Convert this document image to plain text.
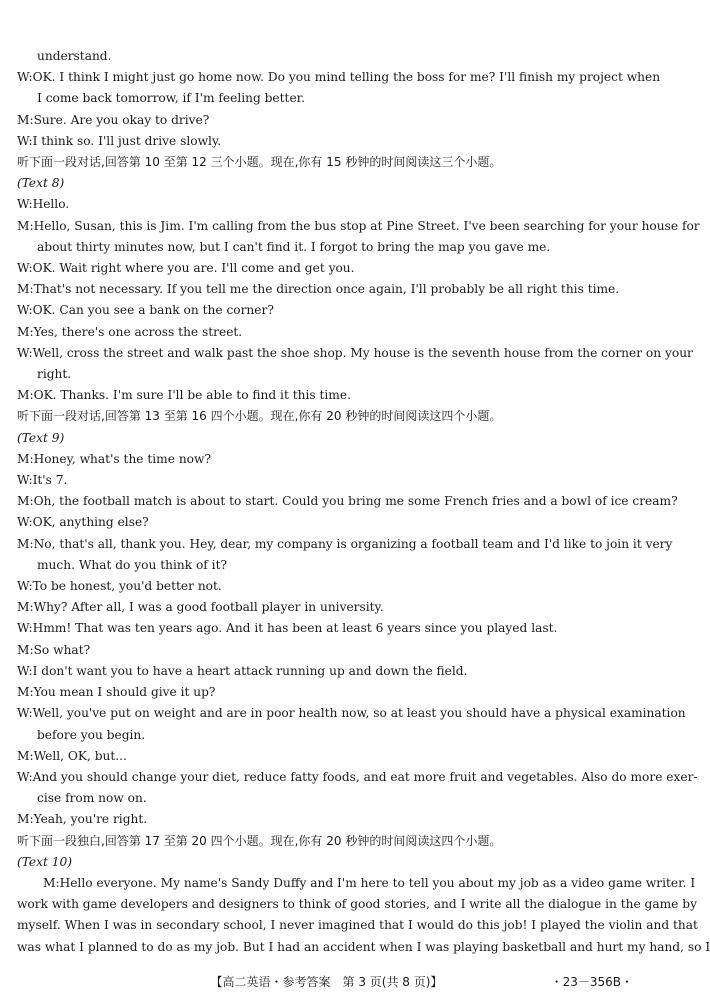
understand.
W:OK. I think I might just go home now. Do you mind telling the boss for me? I'll finish my project when
I come back tomorrow, if I'm feeling better.
M:Sure. Are you okay to drive?
W:I think so. I'll just drive slowly.
听下面一段对话,回答第 10 至第 12 三个小题。现在,你有 15 秒钟的时间阅读这三个小题。
(Text 8)
W:Hello.
M:Hello, Susan, this is Jim. I'm calling from the bus stop at Pine Street. I've been searching for your house for
about thirty minutes now, but I can't find it. I forgot to bring the map you gave me.
W:OK. Wait right where you are. I'll come and get you.
M:That's not necessary. If you tell me the direction once again, I'll probably be all right this time.
W:OK. Can you see a bank on the corner?
M:Yes, there's one across the street.
W:Well, cross the street and walk past the shoe shop. My house is the seventh house from the corner on your
right.
M:OK. Thanks. I'm sure I'll be able to find it this time.
听下面一段对话,回答第 13 至第 16 四个小题。现在,你有 20 秒钟的时间阅读这四个小题。
(Text 9)
M:Honey, what's the time now?
W:It's 7.
M:Oh, the football match is about to start. Could you bring me some French fries and a bowl of ice cream?
W:OK, anything else?
M:No, that's all, thank you. Hey, dear, my company is organizing a football team and I'd like to join it very
much. What do you think of it?
W:To be honest, you'd better not.
M:Why? After all, I was a good football player in university.
W:Hmm! That was ten years ago. And it has been at least 6 years since you played last.
M:So what?
W:I don't want you to have a heart attack running up and down the field.
M:You mean I should give it up?
W:Well, you've put on weight and are in poor health now, so at least you should have a physical examination
before you begin.
M:Well, OK, but...
W:And you should change your diet, reduce fatty foods, and eat more fruit and vegetables. Also do more exer-
cise from now on.
M:Yeah, you're right.
听下面一段独白,回答第 17 至第 20 四个小题。现在,你有 20 秒钟的时间阅读这四个小题。
(Text 10)
M:Hello everyone. My name's Sandy Duffy and I'm here to tell you about my job as a video game writer. I
work with game developers and designers to think of good stories, and I write all the dialogue in the game by
myself. When I was in secondary school, I never imagined that I would do this job! I played the violin and that
was what I planned to do as my job. But I had an accident when I was playing basketball and hurt my hand, so I
【高二英语・参考答案　第 3 页(共 8 页)】	・23－356B・
